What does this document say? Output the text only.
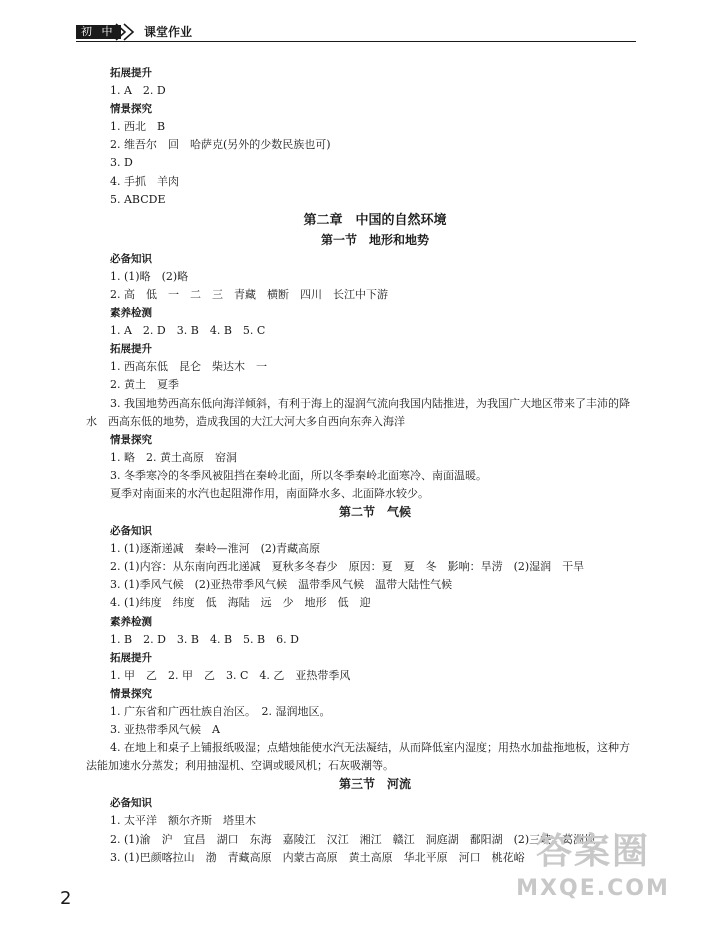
初 中	课堂作业
拓展提升
1. A　2. D
情景探究
1. 西北　B
2. 维吾尔　回　哈萨克(另外的少数民族也可)
3. D
4. 手抓　羊肉
5. ABCDE
第二章　中国的自然环境
第一节　地形和地势
必备知识
1. (1)略　(2)略
2. 高　低　一　二　三　青藏　横断　四川　长江中下游
素养检测
1. A　2. D　3. B　4. B　5. C
拓展提升
1. 西高东低　昆仑　柴达木　一
2. 黄土　夏季
3. 我国地势西高东低向海洋倾斜，有利于海上的湿润气流向我国内陆推进，为我国广大地区带来了丰沛的降水　西高东低的地势，造成我国的大江大河大多自西向东奔入海洋
情景探究
1. 略　2. 黄土高原　窑洞
3. 冬季寒冷的冬季风被阻挡在秦岭北面，所以冬季秦岭北面寒冷、南面温暖。
夏季对南面来的水汽也起阻滞作用，南面降水多、北面降水较少。
第二节　气候
必备知识
1. (1)逐渐递减　秦岭—淮河　(2)青藏高原
2. (1)内容：从东南向西北递减　夏秋多冬春少　原因：夏　夏　冬　影响：旱涝　(2)湿润　干旱
3. (1)季风气候　(2)亚热带季风气候　温带季风气候　温带大陆性气候
4. (1)纬度　纬度　低　海陆　远　少　地形　低　迎
素养检测
1. B　2. D　3. B　4. B　5. B　6. D
拓展提升
1. 甲　乙　2. 甲　乙　3. C　4. 乙　亚热带季风
情景探究
1. 广东省和广西壮族自治区。　2. 湿润地区。
3. 亚热带季风气候　A
4. 在地上和桌子上铺报纸吸湿；点蜡烛能使水汽无法凝结，从而降低室内湿度；用热水加盐拖地板，这种方法能加速水分蒸发；利用抽湿机、空调或暖风机；石灰吸潮等。
第三节　河流
必备知识
1. 太平洋　额尔齐斯　塔里木
2. (1)渝　沪　宜昌　湖口　东海　嘉陵江　汉江　湘江　赣江　洞庭湖　鄱阳湖　(2)三峡　葛洲坝
3. (1)巴颜喀拉山　渤　青藏高原　内蒙古高原　黄土高原　华北平原　河口　桃花峪
2
答案圈
MXQE.COM
